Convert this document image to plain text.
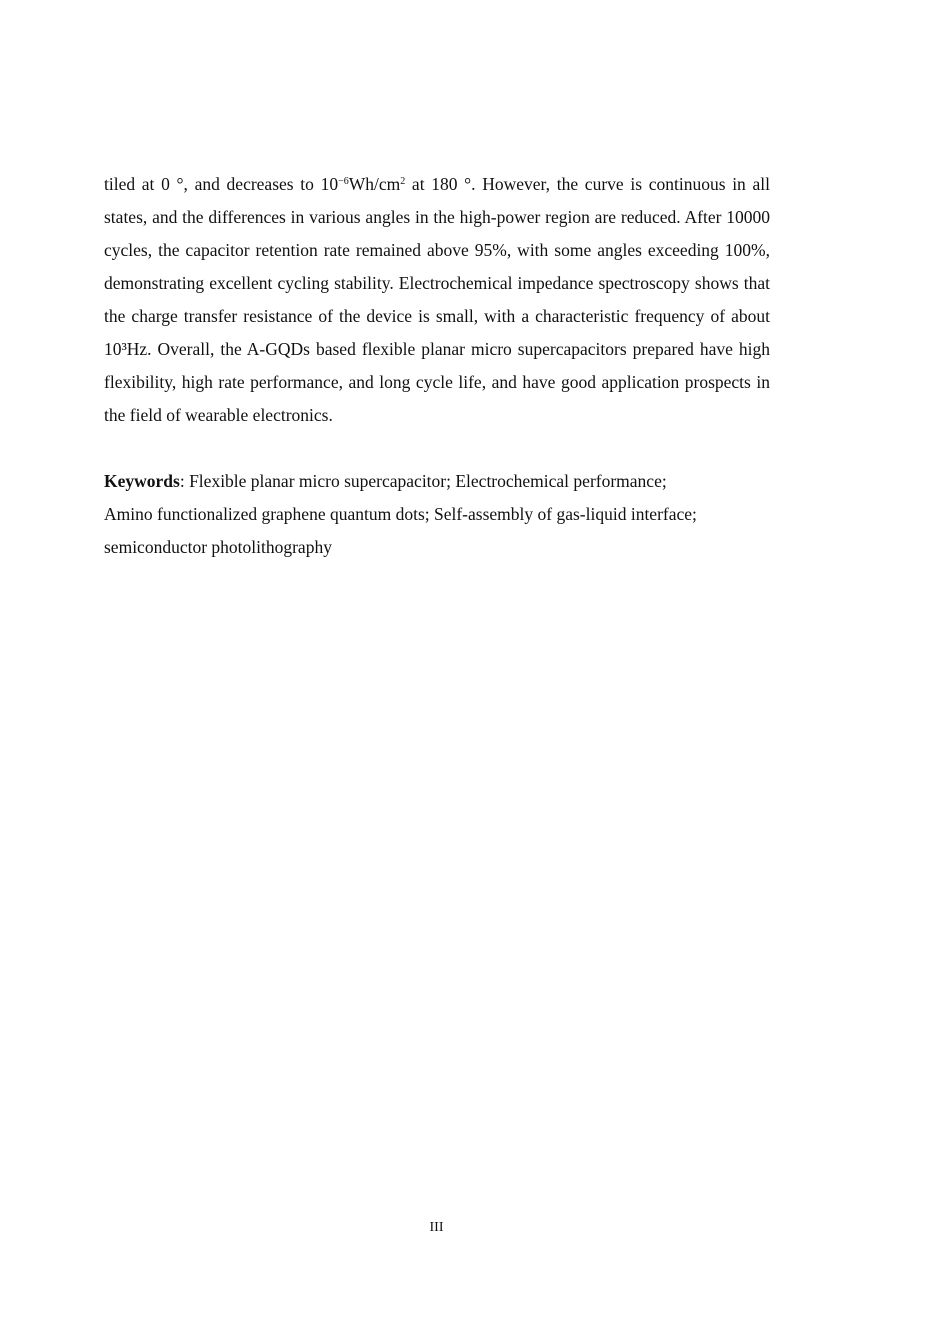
tiled at 0 °, and decreases to $10^{-6}Wh/cm^2$ at 180 °. However, the curve is continuous in all states, and the differences in various angles in the high-power region are reduced. After 10000 cycles, the capacitor retention rate remained above 95%, with some angles exceeding 100%, demonstrating excellent cycling stability. Electrochemical impedance spectroscopy shows that the charge transfer resistance of the device is small, with a characteristic frequency of about 10³Hz. Overall, the A-GQDs based flexible planar micro supercapacitors prepared have high flexibility, high rate performance, and long cycle life, and have good application prospects in the field of wearable electronics.

Keywords: Flexible planar micro supercapacitor; Electrochemical performance;
Amino functionalized graphene quantum dots; Self-assembly of gas-liquid interface;
semiconductor photolithography

III
